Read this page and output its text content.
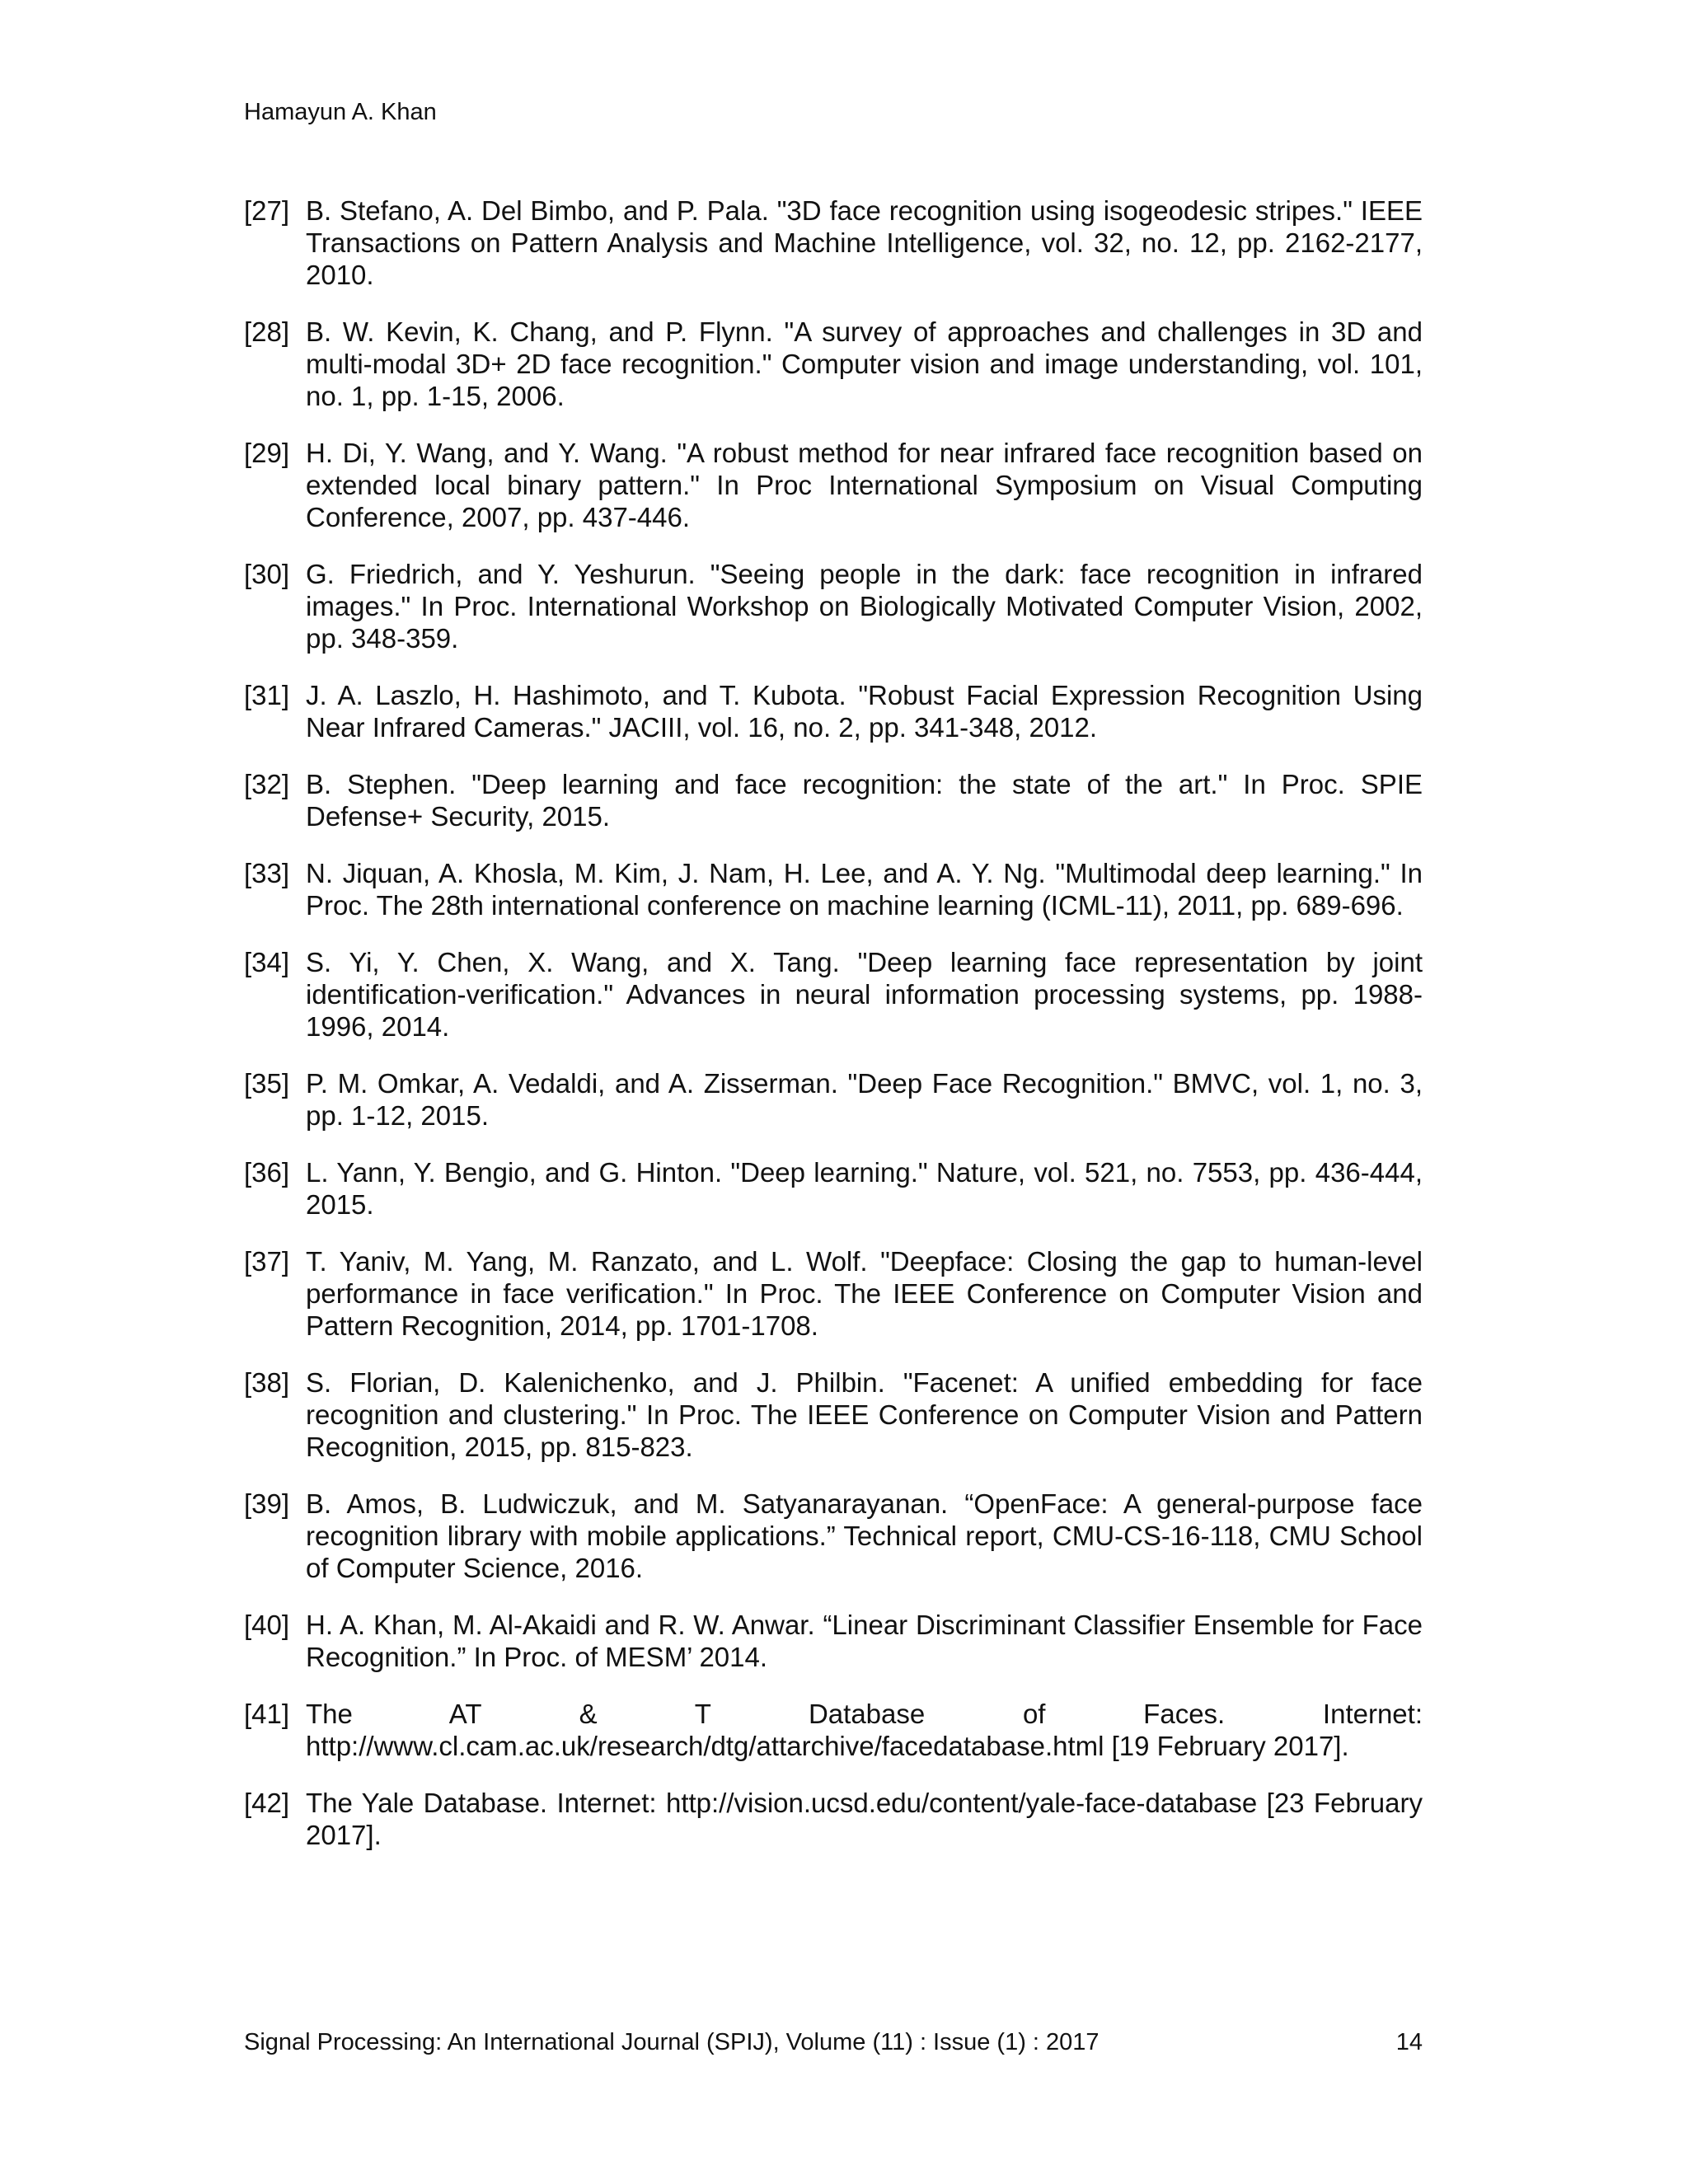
Hamayun A. Khan
[27] B. Stefano, A. Del Bimbo, and P. Pala. "3D face recognition using isogeodesic stripes." IEEE Transactions on Pattern Analysis and Machine Intelligence, vol. 32, no. 12, pp. 2162-2177, 2010.
[28] B. W. Kevin, K. Chang, and P. Flynn. "A survey of approaches and challenges in 3D and multi-modal 3D+ 2D face recognition." Computer vision and image understanding, vol. 101, no. 1, pp. 1-15, 2006.
[29] H. Di, Y. Wang, and Y. Wang. "A robust method for near infrared face recognition based on extended local binary pattern." In Proc International Symposium on Visual Computing Conference, 2007, pp. 437-446.
[30] G. Friedrich, and Y. Yeshurun. "Seeing people in the dark: face recognition in infrared images." In Proc. International Workshop on Biologically Motivated Computer Vision, 2002, pp. 348-359.
[31] J. A. Laszlo, H. Hashimoto, and T. Kubota. "Robust Facial Expression Recognition Using Near Infrared Cameras." JACIII, vol. 16, no. 2, pp. 341-348, 2012.
[32] B. Stephen. "Deep learning and face recognition: the state of the art." In Proc. SPIE Defense+ Security, 2015.
[33] N. Jiquan, A. Khosla, M. Kim, J. Nam, H. Lee, and A. Y. Ng. "Multimodal deep learning." In Proc. The 28th international conference on machine learning (ICML-11), 2011, pp. 689-696.
[34] S. Yi, Y. Chen, X. Wang, and X. Tang. "Deep learning face representation by joint identification-verification." Advances in neural information processing systems, pp. 1988-1996, 2014.
[35] P. M. Omkar, A. Vedaldi, and A. Zisserman. "Deep Face Recognition." BMVC, vol. 1, no. 3, pp. 1-12, 2015.
[36] L. Yann, Y. Bengio, and G. Hinton. "Deep learning." Nature, vol. 521, no. 7553, pp. 436-444, 2015.
[37] T. Yaniv, M. Yang, M. Ranzato, and L. Wolf. "Deepface: Closing the gap to human-level performance in face verification." In Proc. The IEEE Conference on Computer Vision and Pattern Recognition, 2014, pp. 1701-1708.
[38] S. Florian, D. Kalenichenko, and J. Philbin. "Facenet: A unified embedding for face recognition and clustering." In Proc. The IEEE Conference on Computer Vision and Pattern Recognition, 2015, pp. 815-823.
[39] B. Amos, B. Ludwiczuk, and M. Satyanarayanan. “OpenFace: A general-purpose face recognition library with mobile applications.” Technical report, CMU-CS-16-118, CMU School of Computer Science, 2016.
[40] H. A. Khan, M. Al-Akaidi and R. W. Anwar. “Linear Discriminant Classifier Ensemble for Face Recognition.” In Proc. of MESM’ 2014.
[41] The AT & T Database of Faces. Internet: http://www.cl.cam.ac.uk/research/dtg/attarchive/facedatabase.html [19 February 2017].
[42] The Yale Database. Internet: http://vision.ucsd.edu/content/yale-face-database [23 February 2017].
Signal Processing: An International Journal (SPIJ), Volume (11) : Issue (1) : 2017	14
